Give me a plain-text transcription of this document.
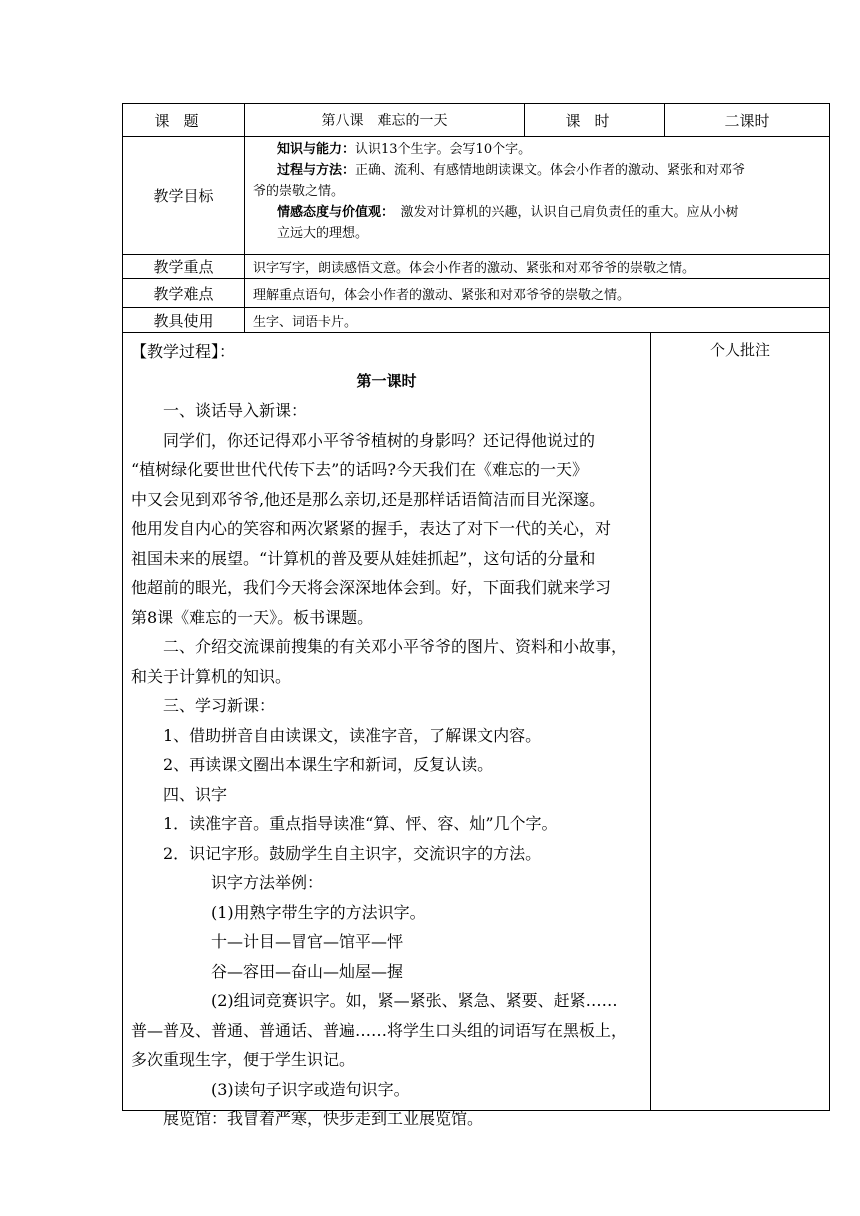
课题	第八课　难忘的一天	课时	二课时
教学目标

知识与能力：认识13个生字。会写10个字。

过程与方法：正确、流利、有感情地朗读课文。体会小作者的激动、紧张和对邓爷

爷的崇敬之情。

情感态度与价值观：　激发对计算机的兴趣，认识自己肩负责任的重大。应从小树

立远大的理想。

教学重点	识字写字，朗读感悟文意。体会小作者的激动、紧张和对邓爷爷的崇敬之情。
教学难点	理解重点语句，体会小作者的激动、紧张和对邓爷爷的崇敬之情。
教具使用	生字、词语卡片。

【教学过程】：

第一课时

一、谈话导入新课：

同学们，你还记得邓小平爷爷植树的身影吗？还记得他说过的

“植树绿化要世世代代传下去”的话吗?今天我们在《难忘的一天》

中又会见到邓爷爷,他还是那么亲切,还是那样话语简洁而目光深邃。

他用发自内心的笑容和两次紧紧的握手，表达了对下一代的关心，对

祖国未来的展望。“计算机的普及要从娃娃抓起”，这句话的分量和

他超前的眼光，我们今天将会深深地体会到。好，下面我们就来学习

第8课《难忘的一天》。板书课题。

二、介绍交流课前搜集的有关邓小平爷爷的图片、资料和小故事，

和关于计算机的知识。

三、学习新课：

1、借助拼音自由读课文，读准字音，了解课文内容。

2、再读课文圈出本课生字和新词，反复认读。

四、识字

1．读准字音。重点指导读准“算、怦、容、灿”几个字。

2．识记字形。鼓励学生自主识字，交流识字的方法。

识字方法举例：

(1)用熟字带生字的方法识字。

十—计目—冒官—馆平—怦

谷—容田—奋山—灿屋—握

(2)组词竞赛识字。如，紧—紧张、紧急、紧要、赶紧……

普—普及、普通、普通话、普遍……将学生口头组的词语写在黑板上，

多次重现生字，便于学生识记。

(3)读句子识字或造句识字。

展览馆：我冒着严寒，快步走到工业展览馆。

个人批注
